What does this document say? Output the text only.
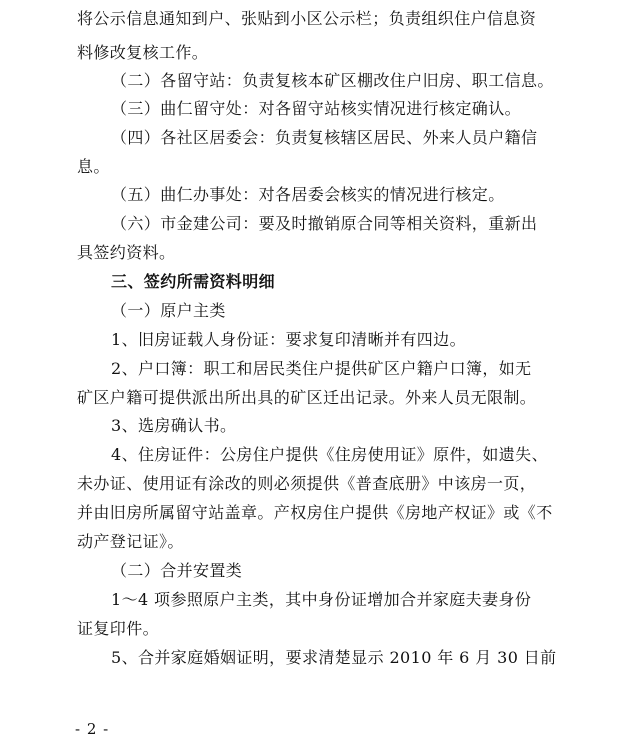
将公示信息通知到户、张贴到小区公示栏；负责组织住户信息资
料修改复核工作。
（二）各留守站：负责复核本矿区棚改住户旧房、职工信息。
（三）曲仁留守处：对各留守站核实情况进行核定确认。
（四）各社区居委会：负责复核辖区居民、外来人员户籍信
息。
（五）曲仁办事处：对各居委会核实的情况进行核定。
（六）市金建公司：要及时撤销原合同等相关资料，重新出
具签约资料。
三、签约所需资料明细
（一）原户主类
1、旧房证载人身份证：要求复印清晰并有四边。
2、户口簿：职工和居民类住户提供矿区户籍户口簿，如无
矿区户籍可提供派出所出具的矿区迁出记录。外来人员无限制。
3、选房确认书。
4、住房证件：公房住户提供《住房使用证》原件，如遗失、
未办证、使用证有涂改的则必须提供《普查底册》中该房一页，
并由旧房所属留守站盖章。产权房住户提供《房地产权证》或《不
动产登记证》。
（二）合并安置类
1～4 项参照原户主类，其中身份证增加合并家庭夫妻身份
证复印件。
5、合并家庭婚姻证明，要求清楚显示 2010 年 6 月 30 日前
- 2 -
